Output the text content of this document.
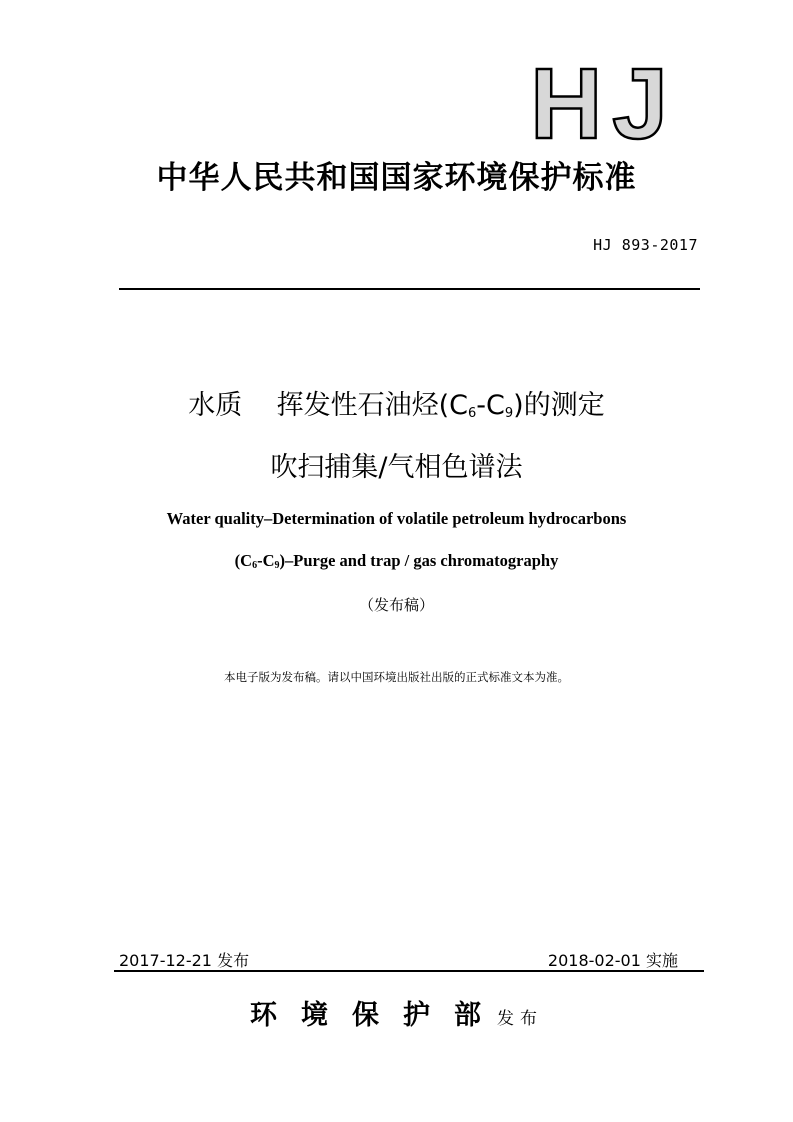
HJ
中华人民共和国国家环境保护标准
HJ 893-2017
水质 挥发性石油烃$(C_6-C_9)$的测定
吹扫捕集/气相色谱法
Water quality–Determination of volatile petroleum hydrocarbons
$(C_6-C_9)$–Purge and trap / gas chromatography
（发布稿）
本电子版为发布稿。请以中国环境出版社出版的正式标准文本为准。
2017-12-21 发布	2018-02-01 实施
环境保护部发布
